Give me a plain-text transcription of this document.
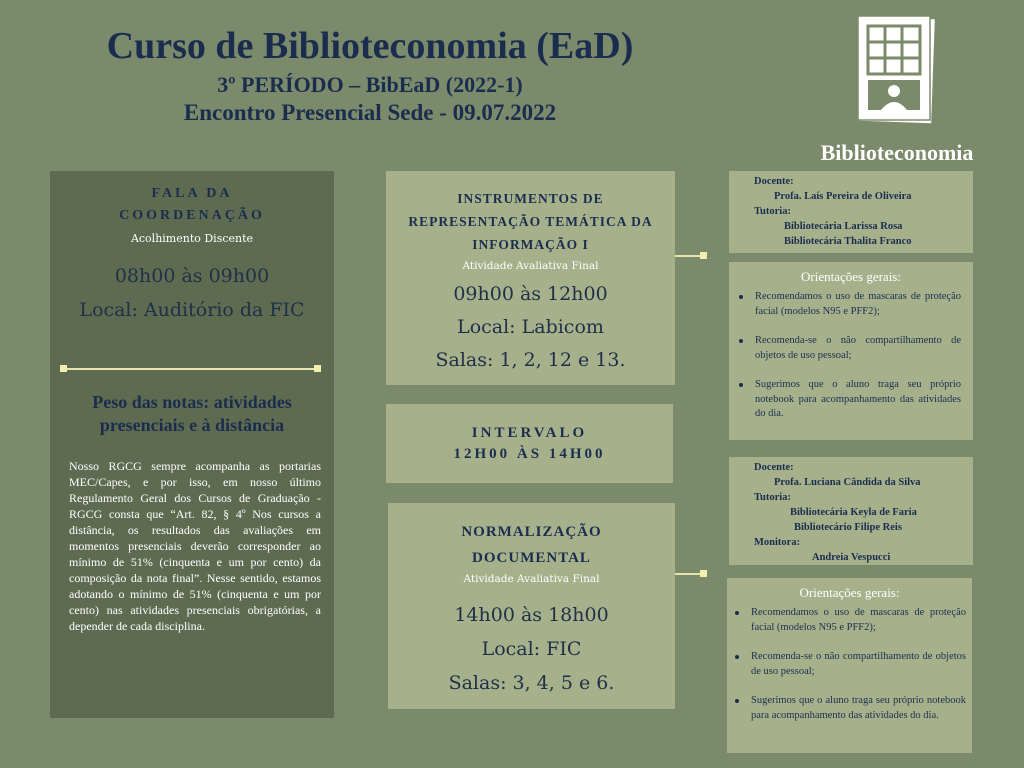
Curso de Biblioteconomia (EaD)
3º PERÍODO – BibEaD (2022-1)
Encontro Presencial Sede - 09.07.2022
Biblioteconomia
FALA DA
COORDENAÇÃO
Acolhimento Discente
08h00 às 09h00
Local: Auditório da FIC
Peso das notas: atividades
presenciais e à distância
Nosso RGCG sempre acompanha as portarias MEC/Capes, e por isso, em nosso último Regulamento Geral dos Cursos de Graduação - RGCG consta que “Art. 82, § 4º Nos cursos a distância, os resultados das avaliações em momentos presenciais deverão corresponder ao mínimo de 51% (cinquenta e um por cento) da composição da nota final”. Nesse sentido, estamos adotando o mínimo de 51% (cinquenta e um por cento) nas atividades presenciais obrigatórias, a depender de cada disciplina.
INSTRUMENTOS DE
REPRESENTAÇÃO TEMÁTICA DA
INFORMAÇÃO I
Atividade Avaliativa Final
09h00 às 12h00
Local: Labicom
Salas: 1, 2, 12 e 13.
INTERVALO
12H00 ÀS 14H00
NORMALIZAÇÃO
DOCUMENTAL
Atividade Avaliativa Final
14h00 às 18h00
Local: FIC
Salas: 3, 4, 5 e 6.
Docente:
Profa. Laís Pereira de Oliveira
Tutoria:
Bibliotecária Larissa Rosa
Bibliotecária Thalita Franco
Orientações gerais:
Recomendamos o uso de mascaras de proteção facial (modelos N95 e PFF2);
Recomenda-se o não compartilhamento de objetos de uso pessoal;
Sugerimos que o aluno traga seu próprio notebook para acompanhamento das atividades do dia.
Docente:
Profa. Luciana Cândida da Silva
Tutoria:
Bibliotecária Keyla de Faria
Bibliotecário Filipe Reis
Monitora:
Andreia Vespucci
Orientações gerais:
Recomendamos o uso de mascaras de proteção facial (modelos N95 e PFF2);
Recomenda-se o não compartilhamento de objetos de uso pessoal;
Sugerimos que o aluno traga seu próprio notebook para acompanhamento das atividades do dia.
